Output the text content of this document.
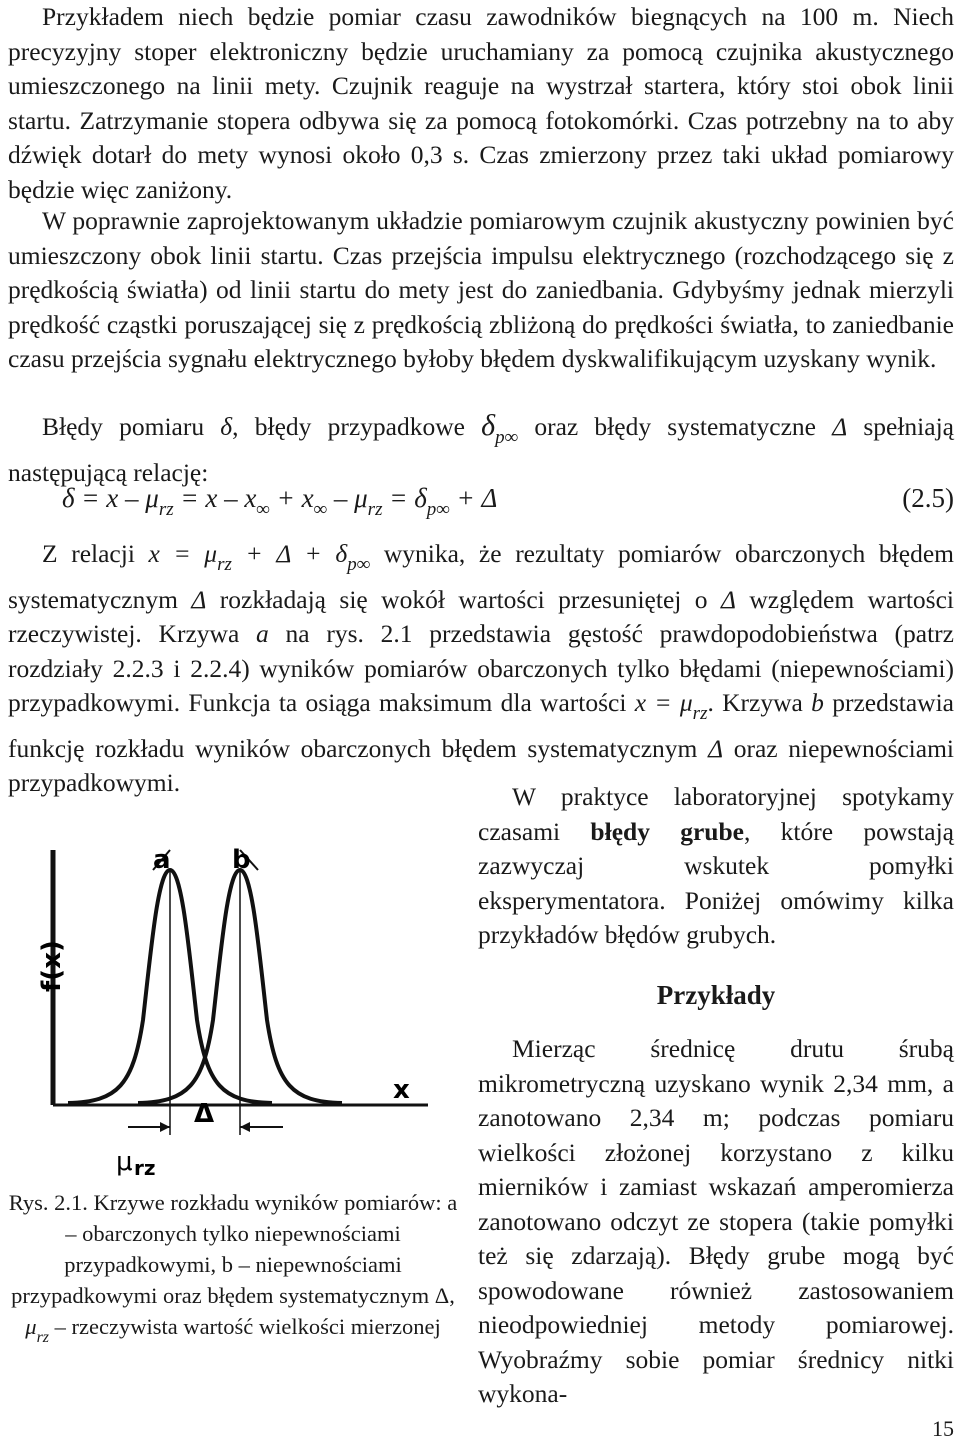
Przykładem niech będzie pomiar czasu zawodników biegnących na 100 m. Niech precyzyjny stoper elektroniczny będzie uruchamiany za pomocą czujnika akustycznego umieszczonego na linii mety. Czujnik reaguje na wystrzał startera, który stoi obok linii startu. Zatrzymanie stopera odbywa się za pomocą fotokomórki. Czas potrzebny na to aby dźwięk dotarł do mety wynosi około 0,3 s. Czas zmierzony przez taki układ pomiarowy będzie więc zaniżony.

W poprawnie zaprojektowanym układzie pomiarowym czujnik akustyczny powinien być umieszczony obok linii startu. Czas przejścia impulsu elektrycznego (rozchodzącego się z prędkością światła) od linii startu do mety jest do zaniedbania. Gdybyśmy jednak mierzyli prędkość cząstki poruszającej się z prędkością zbliżoną do prędkości światła, to zaniedbanie czasu przejścia sygnału elektrycznego byłoby błędem dyskwalifikującym uzyskany wynik.

Błędy pomiaru δ, błędy przypadkowe $\delta_{p\infty}$ oraz błędy systematyczne Δ spełniają następującą relację:

$\delta = x - \mu_{rz} = x - x_\infty + x_\infty - \mu_{rz} = \delta_{p\infty} + \Delta$	(2.5)

Z relacji $x = \mu_{rz} + \Delta + \delta_{p\infty}$ wynika, że rezultaty pomiarów obarczonych błędem systematycznym Δ rozkładają się wokół wartości przesuniętej o Δ względem wartości rzeczywistej. Krzywa a na rys. 2.1 przedstawia gęstość prawdopodobieństwa (patrz rozdziały 2.2.3 i 2.2.4) wyników pomiarów obarczonych tylko błędami (niepewnościami) przypadkowymi. Funkcja ta osiąga maksimum dla wartości $x = \mu_{rz}$. Krzywa b przedstawia funkcję rozkładu wyników obarczonych błędem systematycznym Δ oraz niepewnościami przypadkowymi.	W praktyce laboratoryjnej spotykamy czasami błędy grube, które powstają zazwyczaj wskutek pomyłki eksperymentatora. Poniżej omówimy kilka przykładów błędów grubych.

Przykłady

Mierząc średnicę drutu śrubą mikrometryczną uzyskano wynik 2,34 mm, a zanotowano 2,34 m; podczas pomiaru wielkości złożonej korzystano z kilku mierników i zamiast wskazań amperomierza zanotowano odczyt ze stopera (takie pomyłki też się zdarzają). Błędy grube mogą być spowodowane również zastosowaniem nieodpowiedniej metody pomiarowej. Wyobraźmy sobie pomiar średnicy nitki wykona-

a b
f(x)
x
Δ
μ rz

Rys. 2.1. Krzywe rozkładu wyników pomiarów: a – obarczonych tylko niepewnościami przypadkowymi, b – niepewnościami przypadkowymi oraz błędem systematycznym Δ, $\mu_{rz}$ – rzeczywista wartość wielkości mierzonej

15
